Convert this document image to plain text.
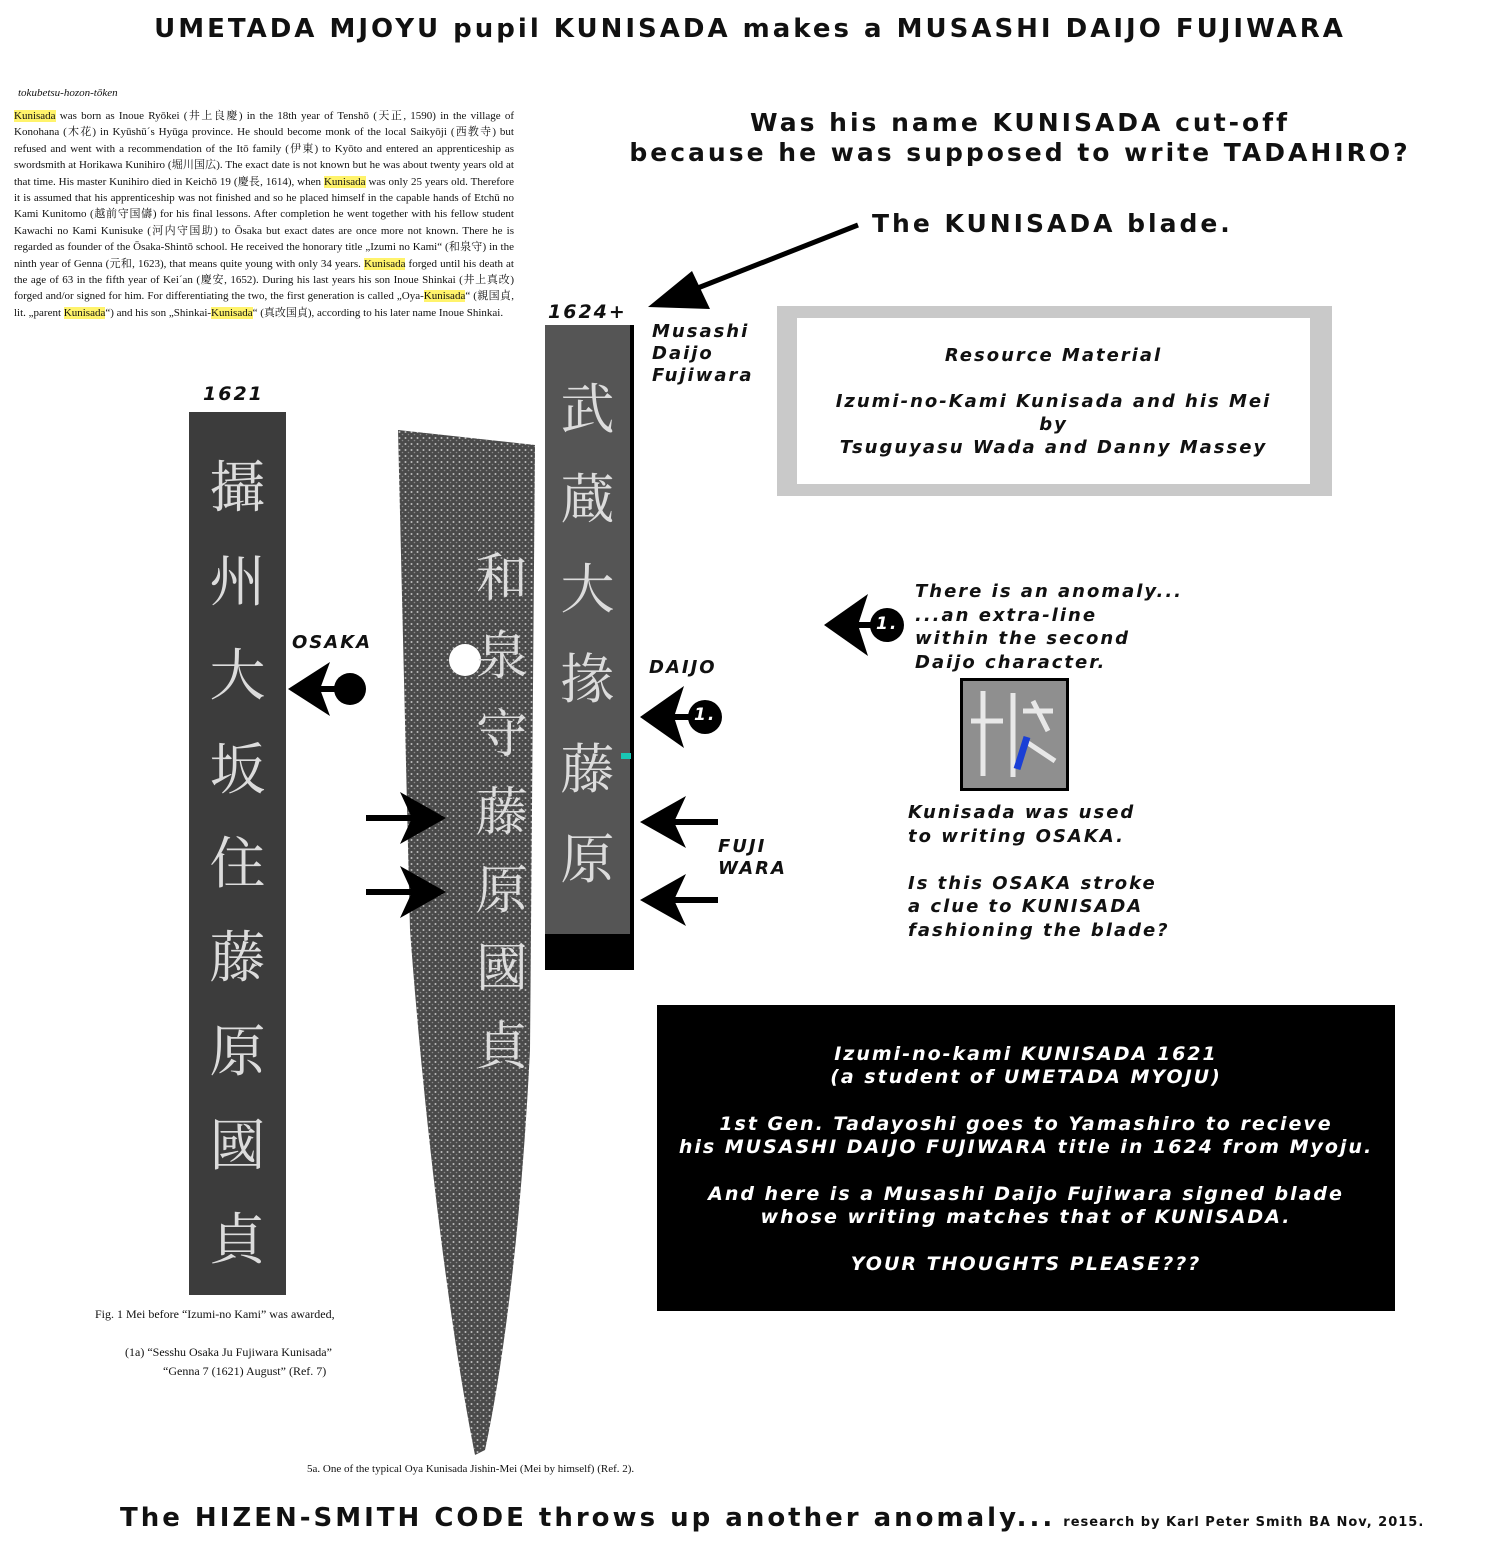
UMETADA MJOYU pupil KUNISADA makes a MUSASHI DAIJO FUJIWARA
tokubetsu-hozon-tōken
Kunisada was born as Inoue Ryōkei (井上良慶) in the 18th year of Tenshō (天正, 1590) in the village of Konohana (木花) in Kyūshū´s Hyūga province. He should become monk of the local Saikyōji (西教寺) but refused and went with a recommendation of the Itō family (伊東) to Kyōto and entered an apprenticeship as swordsmith at Horikawa Kunihiro (堀川国広). The exact date is not known but he was about twenty years old at that time. His master Kunihiro died in Keichō 19 (慶長, 1614), when Kunisada was only 25 years old. Therefore it is assumed that his apprenticeship was not finished and so he placed himself in the capable hands of Etchū no Kami Kunitomo (越前守国儔) for his final lessons. After completion he went together with his fellow student Kawachi no Kami Kunisuke (河内守国助) to Ōsaka but exact dates are once more not known. There he is regarded as founder of the Ōsaka-Shintō school. He received the honorary title „Izumi no Kami“ (和泉守) in the ninth year of Genna (元和, 1623), that means quite young with only 34 years. Kunisada forged until his death at the age of 63 in the fifth year of Kei´an (慶安, 1652). During his last years his son Inoue Shinkai (井上真改) forged and/or signed for him. For differentiating the two, the first generation is called „Oya-Kunisada“ (親国貞, lit. „parent Kunisada“) and his son „Shinkai-Kunisada“ (真改国貞), according to his later name Inoue Shinkai.
Was his name KUNISADA cut-off
because he was supposed to write TADAHIRO?
The KUNISADA blade.
1621
攝
州
大
坂
住
藤
原
國
貞
和
泉
守
藤
原
國
貞
1624+
武
蔵
大
掾
藤
原
Musashi
Daijo
Fujiwara
Resource Material
Izumi-no-Kami Kunisada and his Mei
by
Tsuguyasu Wada and Danny Massey
OSAKA
DAIJO
1.
FUJI
WARA
1.
There is an anomaly...
...an extra-line
within the second
Daijo character.
Kunisada was used
to writing OSAKA.

Is this OSAKA stroke
a clue to KUNISADA
fashioning the blade?
Izumi-no-kami KUNISADA 1621
(a student of UMETADA MYOJU)

1st Gen. Tadayoshi goes to Yamashiro to recieve
his MUSASHI DAIJO FUJIWARA title in 1624 from Myoju.

And here is a Musashi Daijo Fujiwara signed blade
whose writing matches that of KUNISADA.

YOUR THOUGHTS PLEASE???
Fig. 1 Mei before “Izumi-no Kami” was awarded,
(1a) “Sesshu Osaka Ju Fujiwara Kunisada”
“Genna 7 (1621) August” (Ref. 7)
5a. One of the typical Oya Kunisada Jishin-Mei (Mei by himself) (Ref. 2).
The HIZEN-SMITH CODE throws up another anomaly... research by Karl Peter Smith BA Nov, 2015.
